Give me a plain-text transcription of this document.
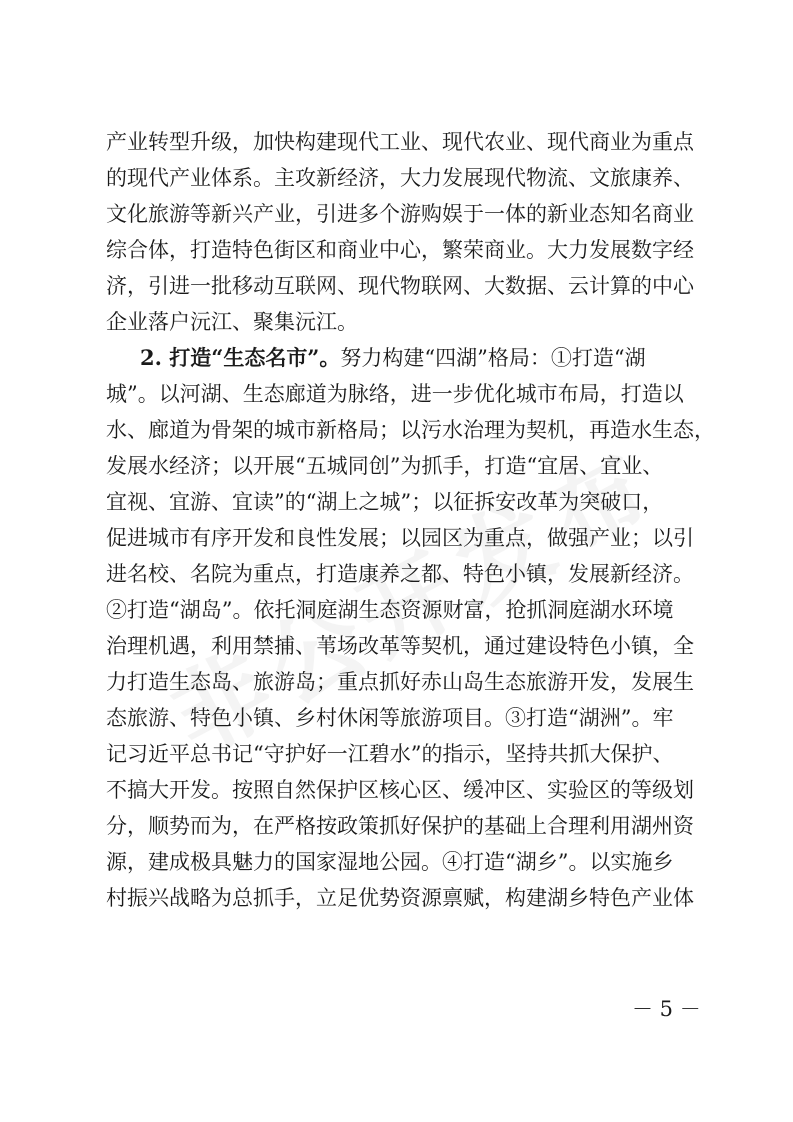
产业转型升级，加快构建现代工业、现代农业、现代商业为重点
的现代产业体系。主攻新经济，大力发展现代物流、文旅康养、
文化旅游等新兴产业，引进多个游购娱于一体的新业态知名商业
综合体，打造特色街区和商业中心，繁荣商业。大力发展数字经
济，引进一批移动互联网、现代物联网、大数据、云计算的中心
企业落户沅江、聚集沅江。
2. 打造“生态名市”。努力构建“四湖”格局：①打造“湖
城”。以河湖、生态廊道为脉络，进一步优化城市布局，打造以
水、廊道为骨架的城市新格局；以污水治理为契机，再造水生态，
发展水经济；以开展“五城同创”为抓手，打造“宜居、宜业、
宜视、宜游、宜读”的“湖上之城”；以征拆安改革为突破口，
促进城市有序开发和良性发展；以园区为重点，做强产业；以引
进名校、名院为重点，打造康养之都、特色小镇，发展新经济。
②打造“湖岛”。依托洞庭湖生态资源财富，抢抓洞庭湖水环境
治理机遇，利用禁捕、苇场改革等契机，通过建设特色小镇，全
力打造生态岛、旅游岛；重点抓好赤山岛生态旅游开发，发展生
态旅游、特色小镇、乡村休闲等旅游项目。③打造“湖洲”。牢
记习近平总书记“守护好一江碧水”的指示，坚持共抓大保护、
不搞大开发。按照自然保护区核心区、缓冲区、实验区的等级划
分，顺势而为，在严格按政策抓好保护的基础上合理利用湖州资
源，建成极具魅力的国家湿地公园。④打造“湖乡”。以实施乡
村振兴战略为总抓手，立足优势资源禀赋，构建湖乡特色产业体
－ 5 －
